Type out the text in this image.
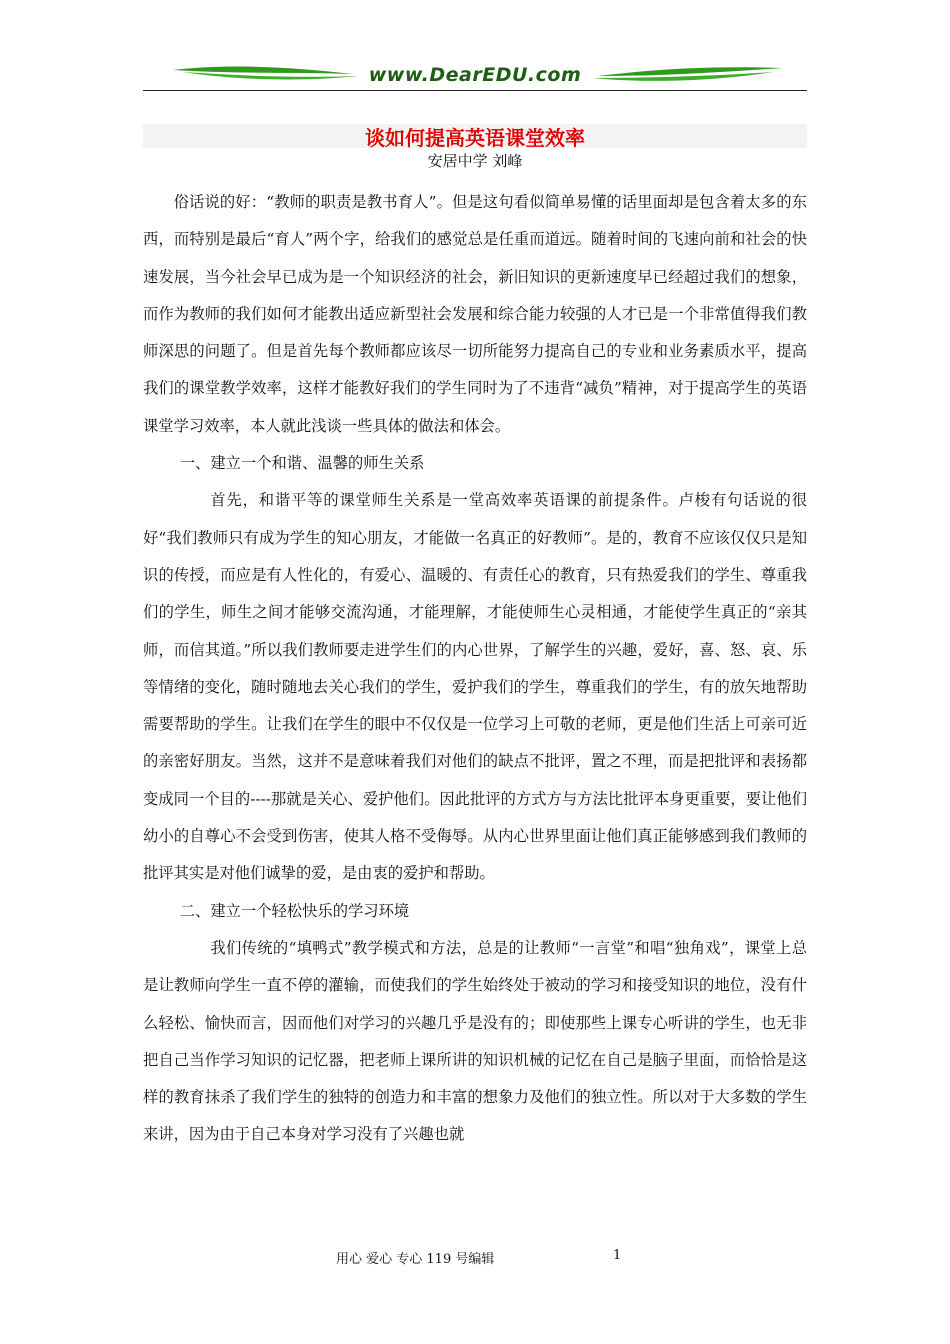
www.DearEDU.com
谈如何提高英语课堂效率

安居中学 刘峰

俗话说的好：“教师的职责是教书育人”。但是这句看似简单易懂的话里面却是包含着太多的东西，而特别是最后“育人”两个字，给我们的感觉总是任重而道远。随着时间的飞速向前和社会的快速发展，当今社会早已成为是一个知识经济的社会，新旧知识的更新速度早已经超过我们的想象，而作为教师的我们如何才能教出适应新型社会发展和综合能力较强的人才已是一个非常值得我们教师深思的问题了。但是首先每个教师都应该尽一切所能努力提高自己的专业和业务素质水平，提高我们的课堂教学效率，这样才能教好我们的学生同时为了不违背“减负”精神，对于提高学生的英语课堂学习效率，本人就此浅谈一些具体的做法和体会。

一、建立一个和谐、温馨的师生关系

首先，和谐平等的课堂师生关系是一堂高效率英语课的前提条件。卢梭有句话说的很好“我们教师只有成为学生的知心朋友，才能做一名真正的好教师”。是的，教育不应该仅仅只是知识的传授，而应是有人性化的，有爱心、温暖的、有责任心的教育，只有热爱我们的学生、尊重我们的学生，师生之间才能够交流沟通，才能理解，才能使师生心灵相通，才能使学生真正的“亲其师，而信其道。”所以我们教师要走进学生们的内心世界，了解学生的兴趣，爱好，喜、怒、哀、乐等情绪的变化，随时随地去关心我们的学生，爱护我们的学生，尊重我们的学生，有的放矢地帮助需要帮助的学生。让我们在学生的眼中不仅仅是一位学习上可敬的老师，更是他们生活上可亲可近的亲密好朋友。当然，这并不是意味着我们对他们的缺点不批评，置之不理，而是把批评和表扬都变成同一个目的----那就是关心、爱护他们。因此批评的方式方与方法比批评本身更重要，要让他们幼小的自尊心不会受到伤害，使其人格不受侮辱。从内心世界里面让他们真正能够感到我们教师的批评其实是对他们诚挚的爱，是由衷的爱护和帮助。

二、建立一个轻松快乐的学习环境

我们传统的“填鸭式”教学模式和方法，总是的让教师“一言堂”和唱“独角戏”，课堂上总是让教师向学生一直不停的灌输，而使我们的学生始终处于被动的学习和接受知识的地位，没有什么轻松、愉快而言，因而他们对学习的兴趣几乎是没有的；即使那些上课专心听讲的学生，也无非把自己当作学习知识的记忆器，把老师上课所讲的知识机械的记忆在自己是脑子里面，而恰恰是这样的教育抹杀了我们学生的独特的创造力和丰富的想象力及他们的独立性。所以对于大多数的学生来讲，因为由于自己本身对学习没有了兴趣也就

用心 爱心 专心 119 号编辑	1
